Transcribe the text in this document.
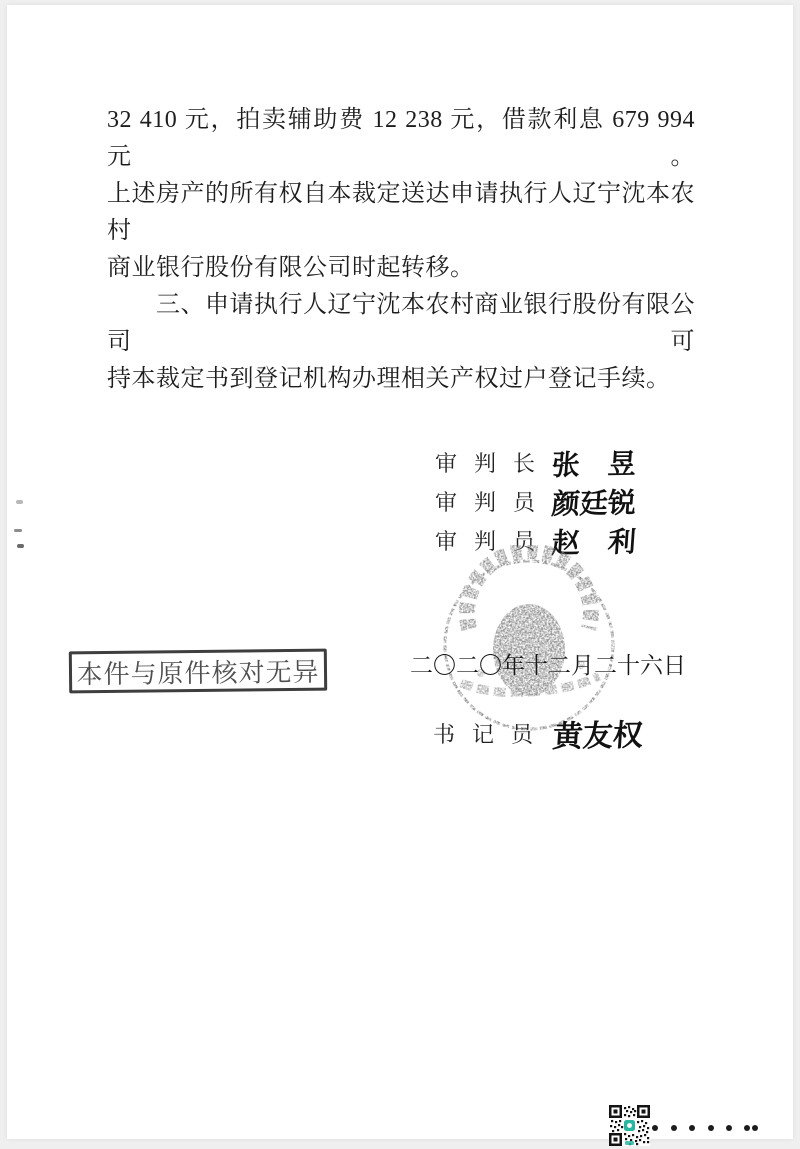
32 410 元，拍卖辅助费 12 238 元，借款利息 679 994 元。
上述房产的所有权自本裁定送达申请执行人辽宁沈本农村
商业银行股份有限公司时起转移。
三、申请执行人辽宁沈本农村商业银行股份有限公司可
持本裁定书到登记机构办理相关产权过户登记手续。
审判长
张　昱
审判员
颜廷锐
审判员
赵　利
二〇二〇年十二月二十六日
书记员 黄友权
本件与原件核对无异
